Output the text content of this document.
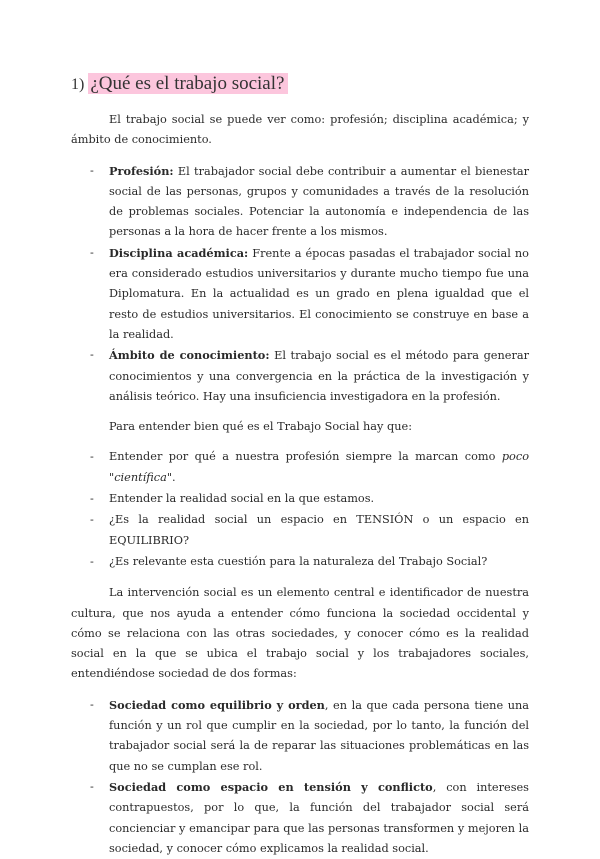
1) ¿Qué es el trabajo social?

El trabajo social se puede ver como: profesión; disciplina académica; y ámbito de conocimiento.

- Profesión: El trabajador social debe contribuir a aumentar el bienestar social de las personas, grupos y comunidades a través de la resolución de problemas sociales. Potenciar la autonomía e independencia de las personas a la hora de hacer frente a los mismos.
- Disciplina académica: Frente a épocas pasadas el trabajador social no era considerado estudios universitarios y durante mucho tiempo fue una Diplomatura. En la actualidad es un grado en plena igualdad que el resto de estudios universitarios. El conocimiento se construye en base a la realidad.
- Ámbito de conocimiento: El trabajo social es el método para generar conocimientos y una convergencia en la práctica de la investigación y análisis teórico. Hay una insuficiencia investigadora en la profesión.

Para entender bien qué es el Trabajo Social hay que:

- Entender por qué a nuestra profesión siempre la marcan como poco "científica".
- Entender la realidad social en la que estamos.
- ¿Es la realidad social un espacio en TENSIÓN o un espacio en EQUILIBRIO?
- ¿Es relevante esta cuestión para la naturaleza del Trabajo Social?

La intervención social es un elemento central e identificador de nuestra cultura, que nos ayuda a entender cómo funciona la sociedad occidental y cómo se relaciona con las otras sociedades, y conocer cómo es la realidad social en la que se ubica el trabajo social y los trabajadores sociales, entendiéndose sociedad de dos formas:

- Sociedad como equilibrio y orden, en la que cada persona tiene una función y un rol que cumplir en la sociedad, por lo tanto, la función del trabajador social será la de reparar las situaciones problemáticas en las que no se cumplan ese rol.
- Sociedad como espacio en tensión y conflicto, con intereses contrapuestos, por lo que, la función del trabajador social será concienciar y emancipar para que las personas transformen y mejoren la sociedad, y conocer cómo explicamos la realidad social.
